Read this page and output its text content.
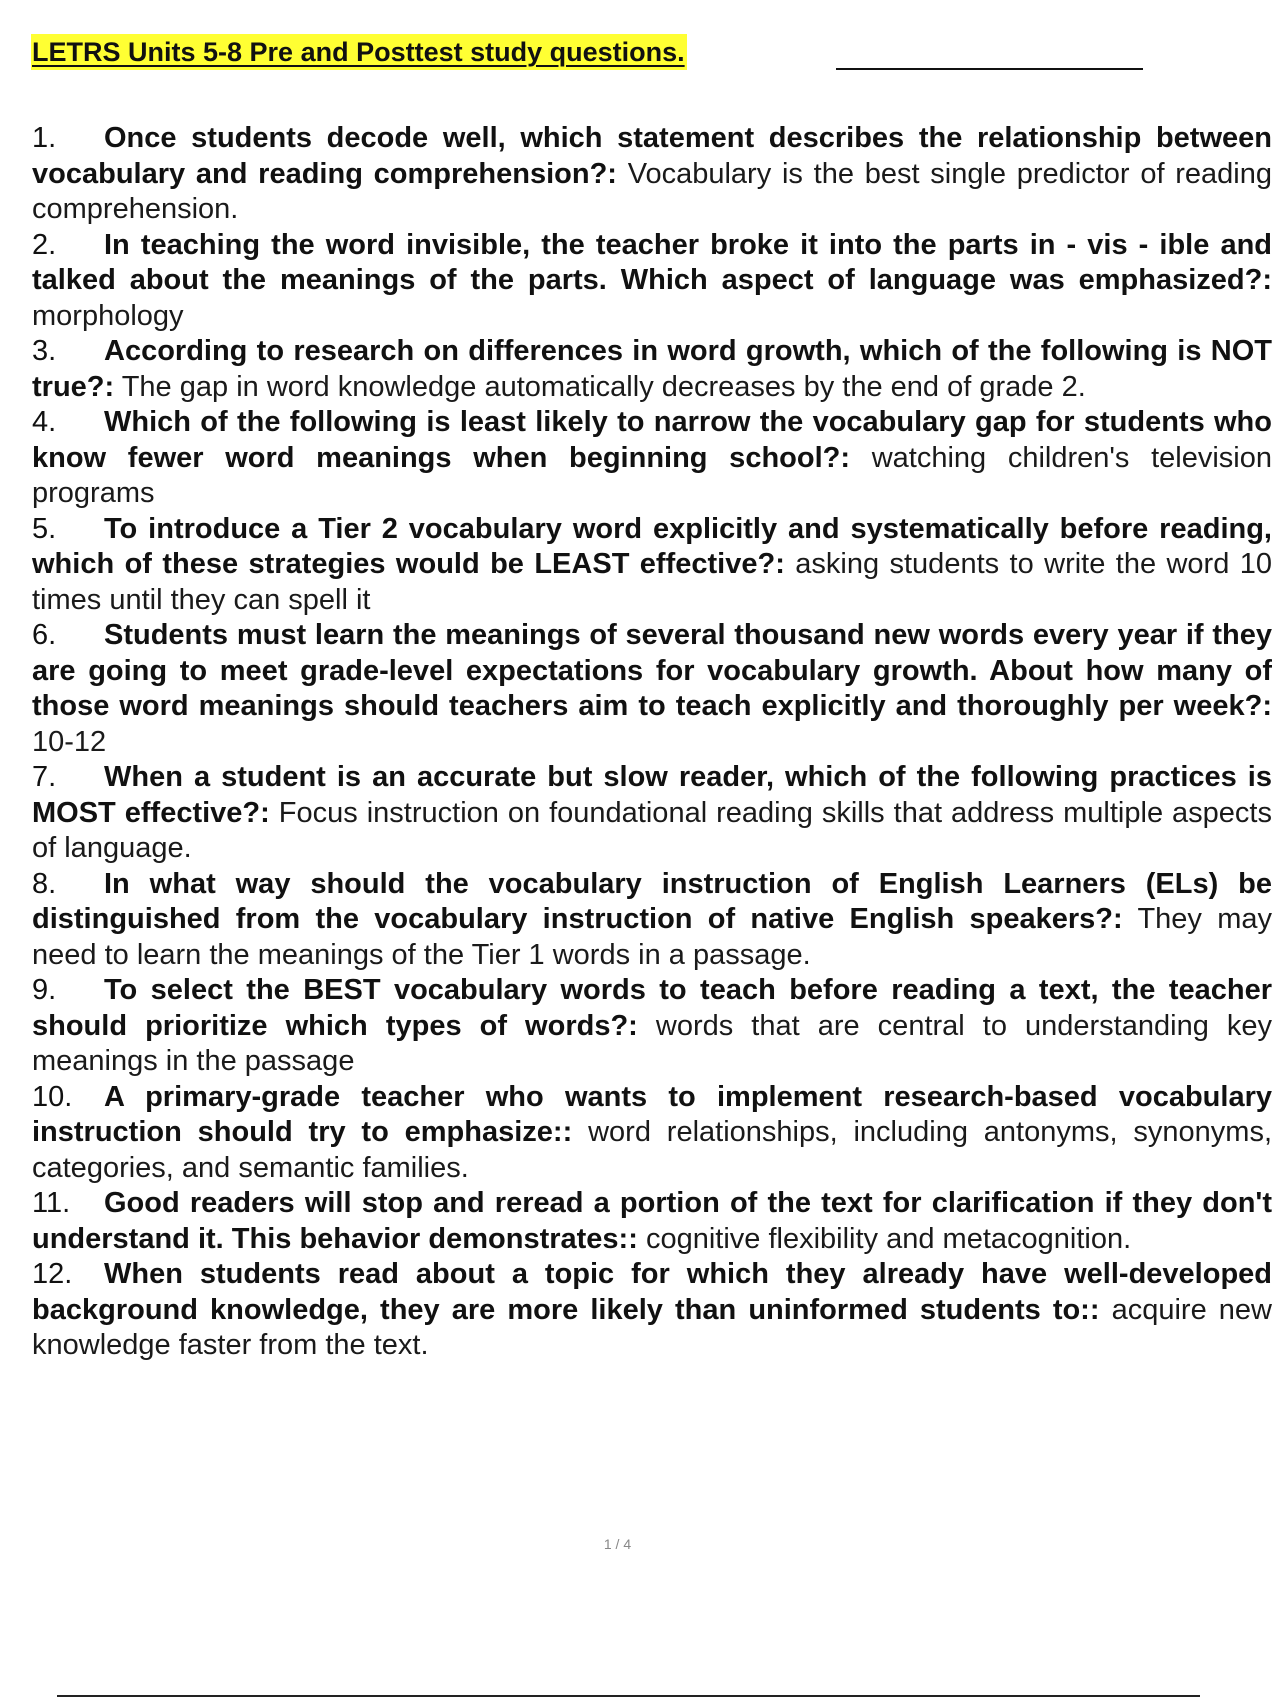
LETRS Units 5-8 Pre and Posttest study questions.
1. Once students decode well, which statement describes the relationship between vocabulary and reading comprehension?: Vocabulary is the best single predictor of reading comprehension.
2. In teaching the word invisible, the teacher broke it into the parts in - vis - ible and talked about the meanings of the parts. Which aspect of language was emphasized?: morphology
3. According to research on differences in word growth, which of the following is NOT true?: The gap in word knowledge automatically decreases by the end of grade 2.
4. Which of the following is least likely to narrow the vocabulary gap for students who know fewer word meanings when beginning school?: watching children's television programs
5. To introduce a Tier 2 vocabulary word explicitly and systematically before reading, which of these strategies would be LEAST effective?: asking students to write the word 10 times until they can spell it
6. Students must learn the meanings of several thousand new words every year if they are going to meet grade-level expectations for vocabulary growth. About how many of those word meanings should teachers aim to teach explicitly and thoroughly per week?: 10-12
7. When a student is an accurate but slow reader, which of the following practices is MOST effective?: Focus instruction on foundational reading skills that address multiple aspects of language.
8. In what way should the vocabulary instruction of English Learners (ELs) be distinguished from the vocabulary instruction of native English speakers?: They may need to learn the meanings of the Tier 1 words in a passage.
9. To select the BEST vocabulary words to teach before reading a text, the teacher should prioritize which types of words?: words that are central to understanding key meanings in the passage
10. A primary-grade teacher who wants to implement research-based vocabulary instruction should try to emphasize:: word relationships, including antonyms, synonyms, categories, and semantic families.
11. Good readers will stop and reread a portion of the text for clarification if they don't understand it. This behavior demonstrates:: cognitive flexibility and metacognition.
12. When students read about a topic for which they already have well-developed background knowledge, they are more likely than uninformed students to:: acquire new knowledge faster from the text.
1 / 4
